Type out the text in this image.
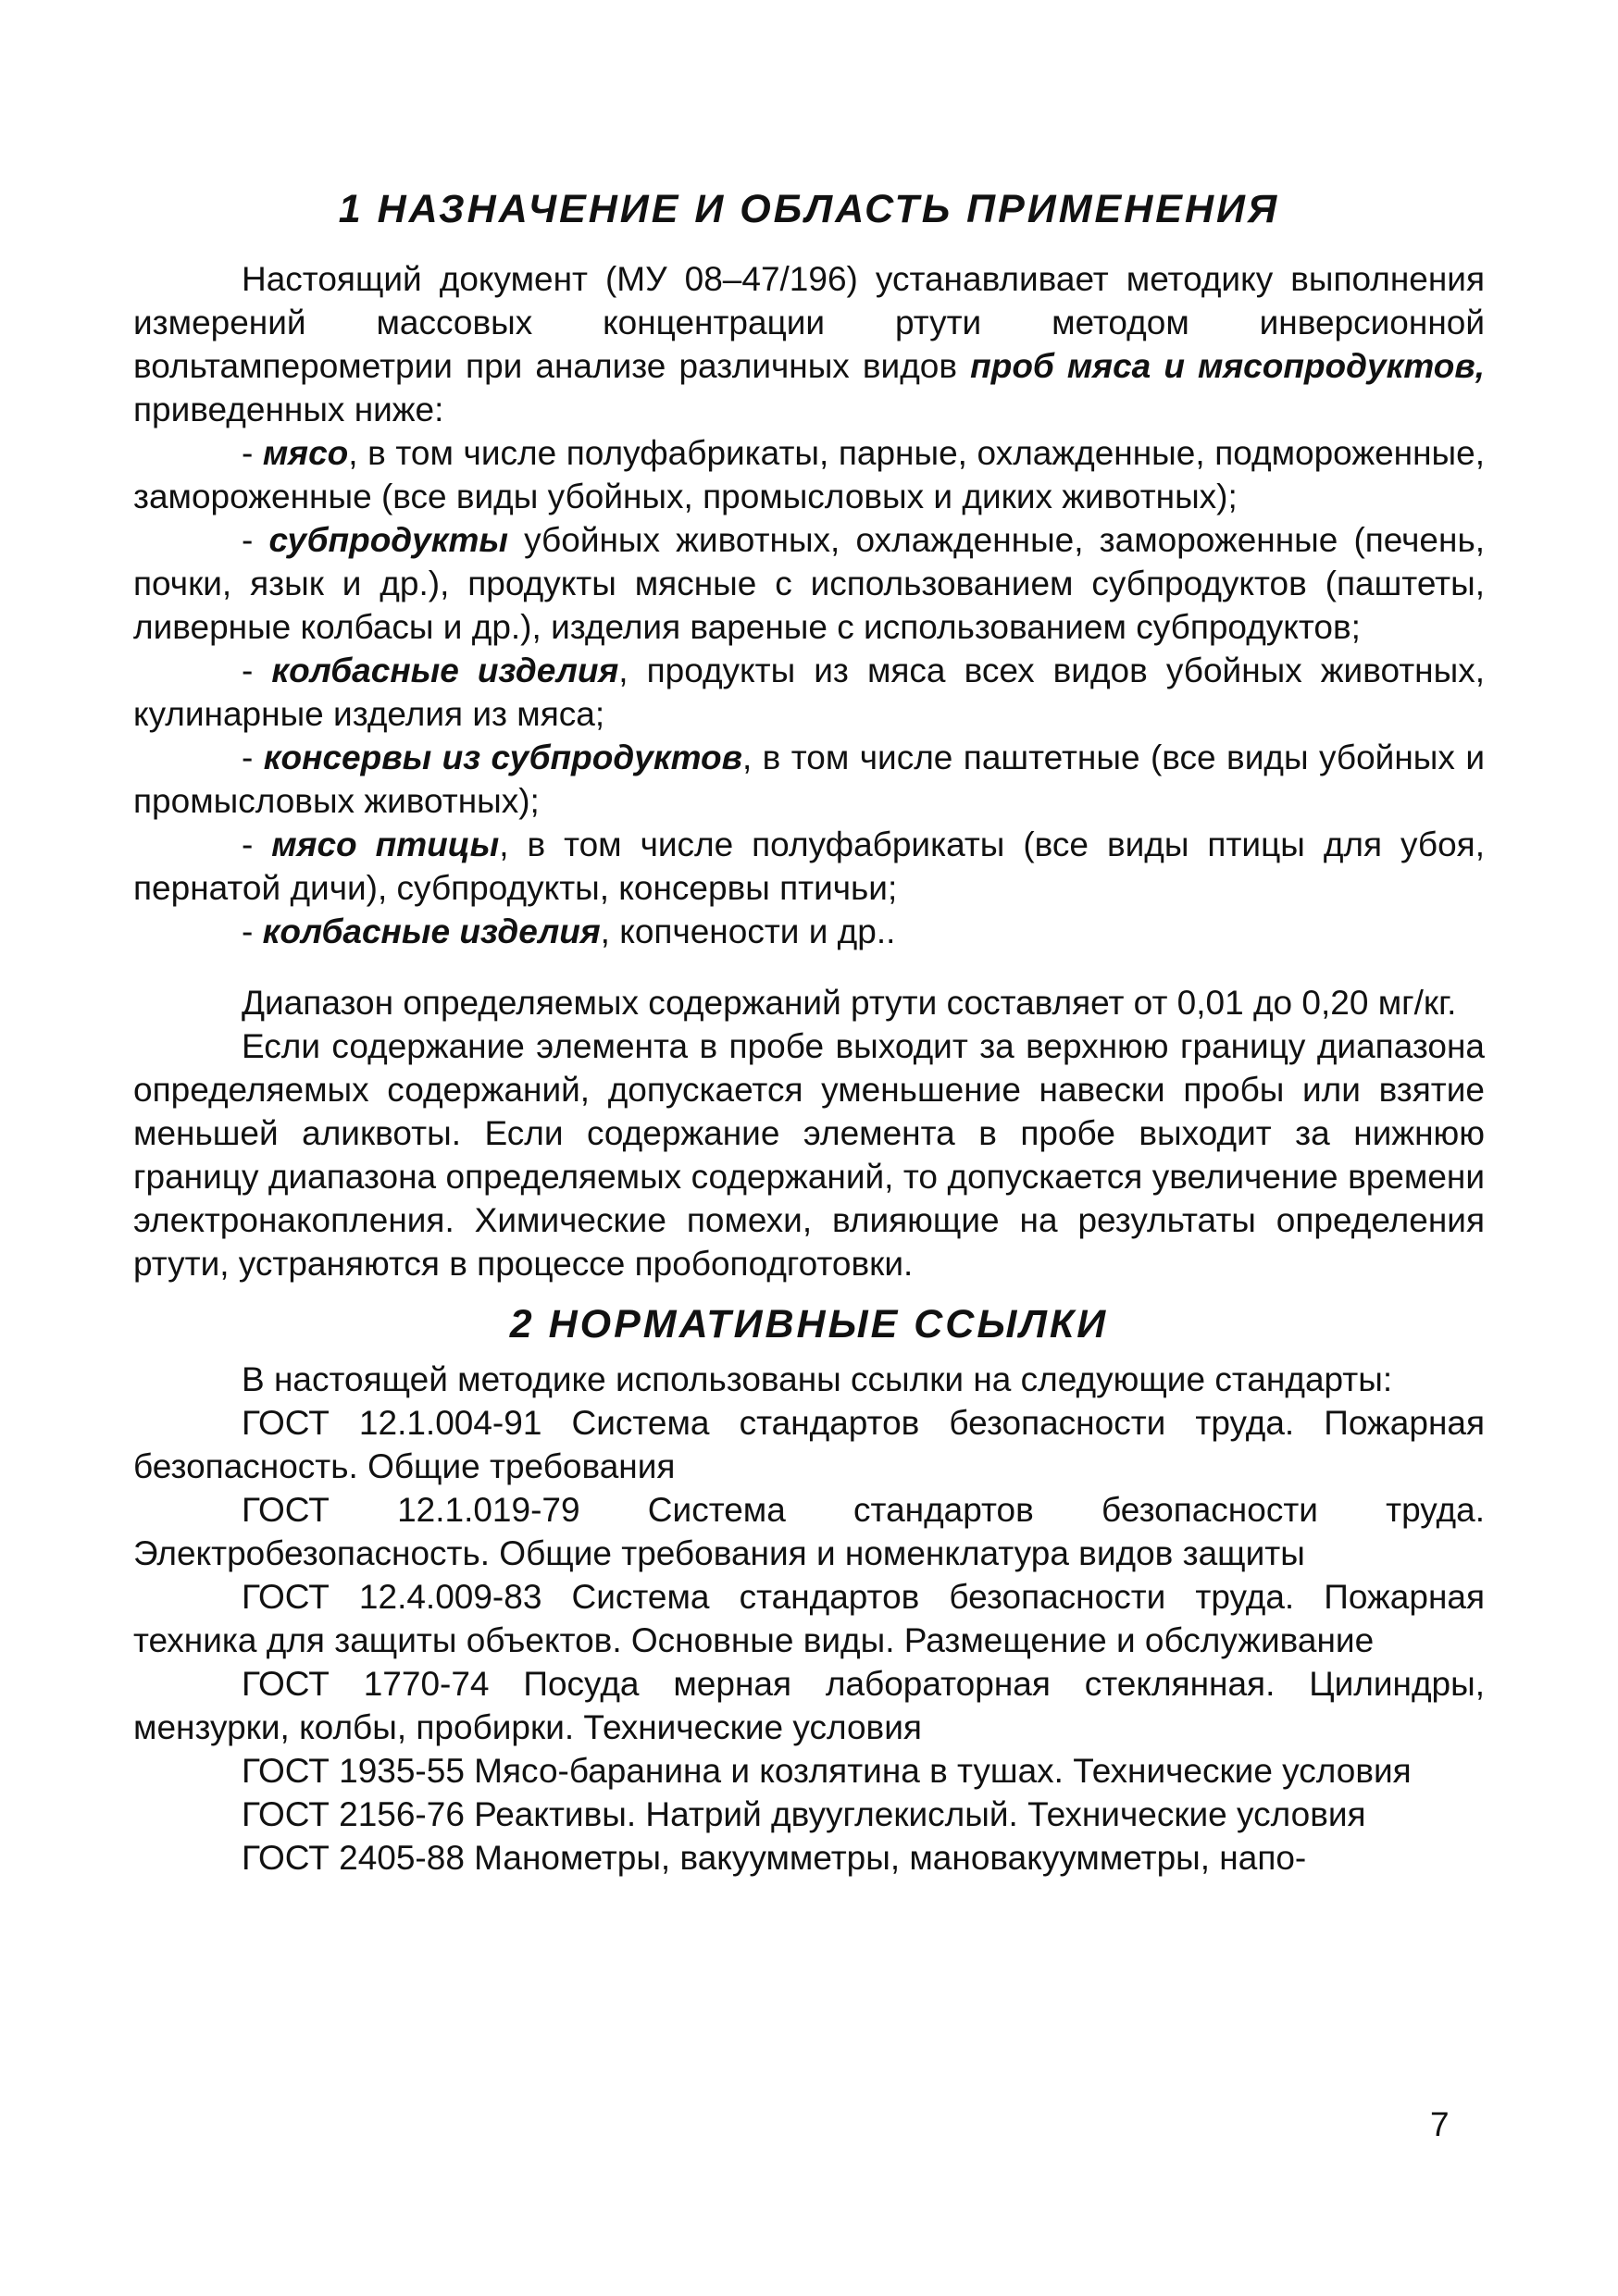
1 НАЗНАЧЕНИЕ И ОБЛАСТЬ ПРИМЕНЕНИЯ

Настоящий документ (МУ 08–47/196) устанавливает методику выполнения измерений массовых концентрации ртути методом инверсионной вольтамперометрии при анализе различных видов проб мяса и мясопродуктов, приведенных ниже:

- мясо, в том числе полуфабрикаты, парные, охлажденные, подмороженные, замороженные (все виды убойных, промысловых и диких животных);

- субпродукты убойных животных, охлажденные, замороженные (печень, почки, язык и др.), продукты мясные с использованием субпродуктов (паштеты, ливерные колбасы и др.), изделия вареные с использованием субпродуктов;

- колбасные изделия, продукты из мяса всех видов убойных животных, кулинарные изделия из мяса;

- консервы из субпродуктов, в том числе паштетные (все виды убойных и промысловых животных);

- мясо птицы, в том числе полуфабрикаты (все виды птицы для убоя, пернатой дичи), субпродукты, консервы птичьи;

- колбасные изделия, копчености и др..

Диапазон определяемых содержаний ртути составляет от 0,01 до 0,20 мг/кг.

Если содержание элемента в пробе выходит за верхнюю границу диапазона определяемых содержаний, допускается уменьшение навески пробы или взятие меньшей аликвоты. Если содержание элемента в пробе выходит за нижнюю границу диапазона определяемых содержаний, то допускается увеличение времени электронакопления. Химические помехи, влияющие на результаты определения ртути, устраняются в процессе пробоподготовки.

2 НОРМАТИВНЫЕ ССЫЛКИ

В настоящей методике использованы ссылки на следующие стандарты:

ГОСТ 12.1.004-91 Система стандартов безопасности труда. Пожарная безопасность. Общие требования

ГОСТ 12.1.019-79 Система стандартов безопасности труда. Электробезопасность. Общие требования и номенклатура видов защиты

ГОСТ 12.4.009-83 Система стандартов безопасности труда. Пожарная техника для защиты объектов. Основные виды. Размещение и обслуживание

ГОСТ 1770-74 Посуда мерная лабораторная стеклянная. Цилиндры, мензурки, колбы, пробирки. Технические условия

ГОСТ 1935-55 Мясо-баранина и козлятина в тушах. Технические условия

ГОСТ 2156-76 Реактивы. Натрий двууглекислый. Технические условия

ГОСТ 2405-88 Манометры, вакуумметры, мановакуумметры, напо-

7
